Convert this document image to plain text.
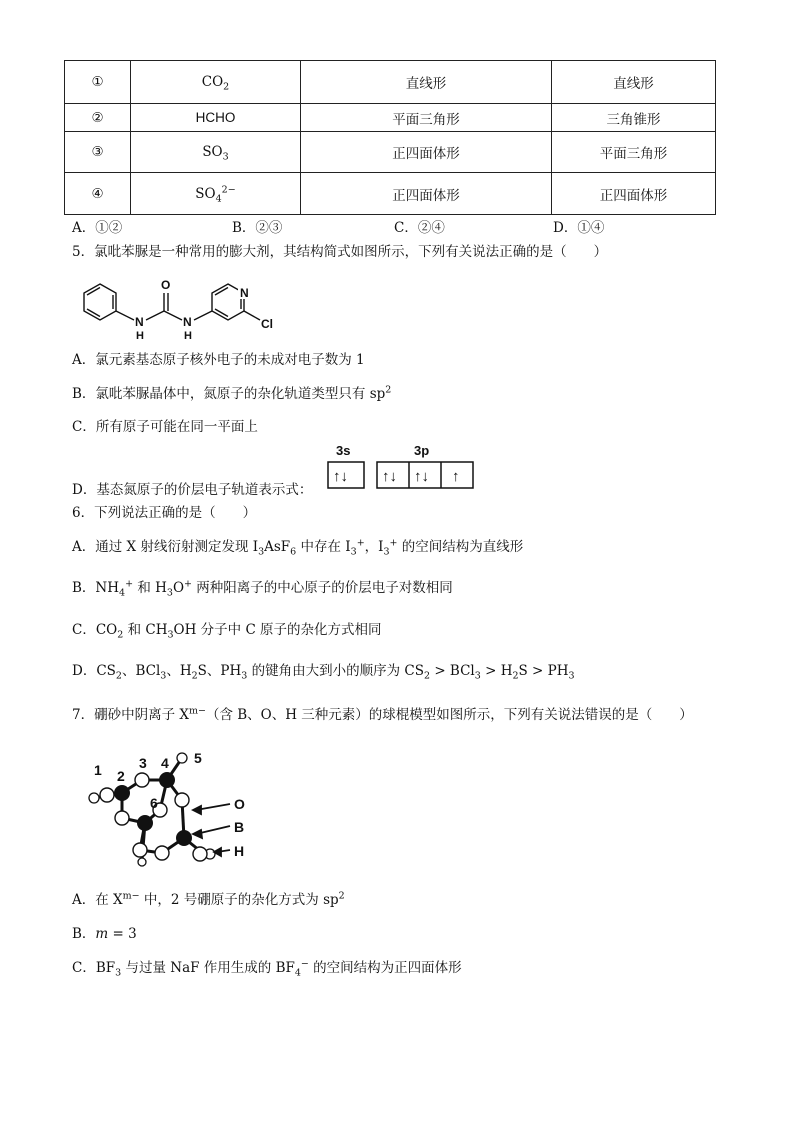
①	$CO_2$	直线形	直线形
②	HCHO	平面三角形	三角锥形
③	$SO_3$	正四面体形	平面三角形
④	$SO_4^{2-}$	正四面体形	正四面体形
A．①②	B．②③	C．②④	D．①④
5．氯吡苯脲是一种常用的膨大剂，其结构简式如图所示，下列有关说法正确的是（　　）
N
O
N
H
N
H
Cl
A．氯元素基态原子核外电子的未成对电子数为 1
B．氯吡苯脲晶体中，氮原子的杂化轨道类型只有 $sp^2$
C．所有原子可能在同一平面上
D．基态氮原子的价层电子轨道表示式：
3s	3p
↑↓ ↑↓ ↑↓ ↑
6．下列说法正确的是（　　）
A．通过 X 射线衍射测定发现 $I_3AsF_6$ 中存在 $I_3^+$，$I_3^+$ 的空间结构为直线形
B．$NH_4^+$ 和 $H_3O^+$ 两种阳离子的中心原子的价层电子对数相同
C．$CO_2$ 和 $CH_3OH$ 分子中 C 原子的杂化方式相同
D．$CS_2$、BCl$_3$、$H_2S$、$PH_3$ 的键角由大到小的顺序为 $CS_2 > BCl_3 > H_2S > PH_3$
7．硼砂中阴离子 $X^{m-}$（含 B、O、H 三种元素）的球棍模型如图所示，下列有关说法错误的是（　　）
1 2
3 4 5
6	O
B
H
A．在 $X^{m-}$ 中，2 号硼原子的杂化方式为 $sp^2$
B．m = 3
C．$BF_3$ 与过量 NaF 作用生成的 $BF_4^-$ 的空间结构为正四面体形
